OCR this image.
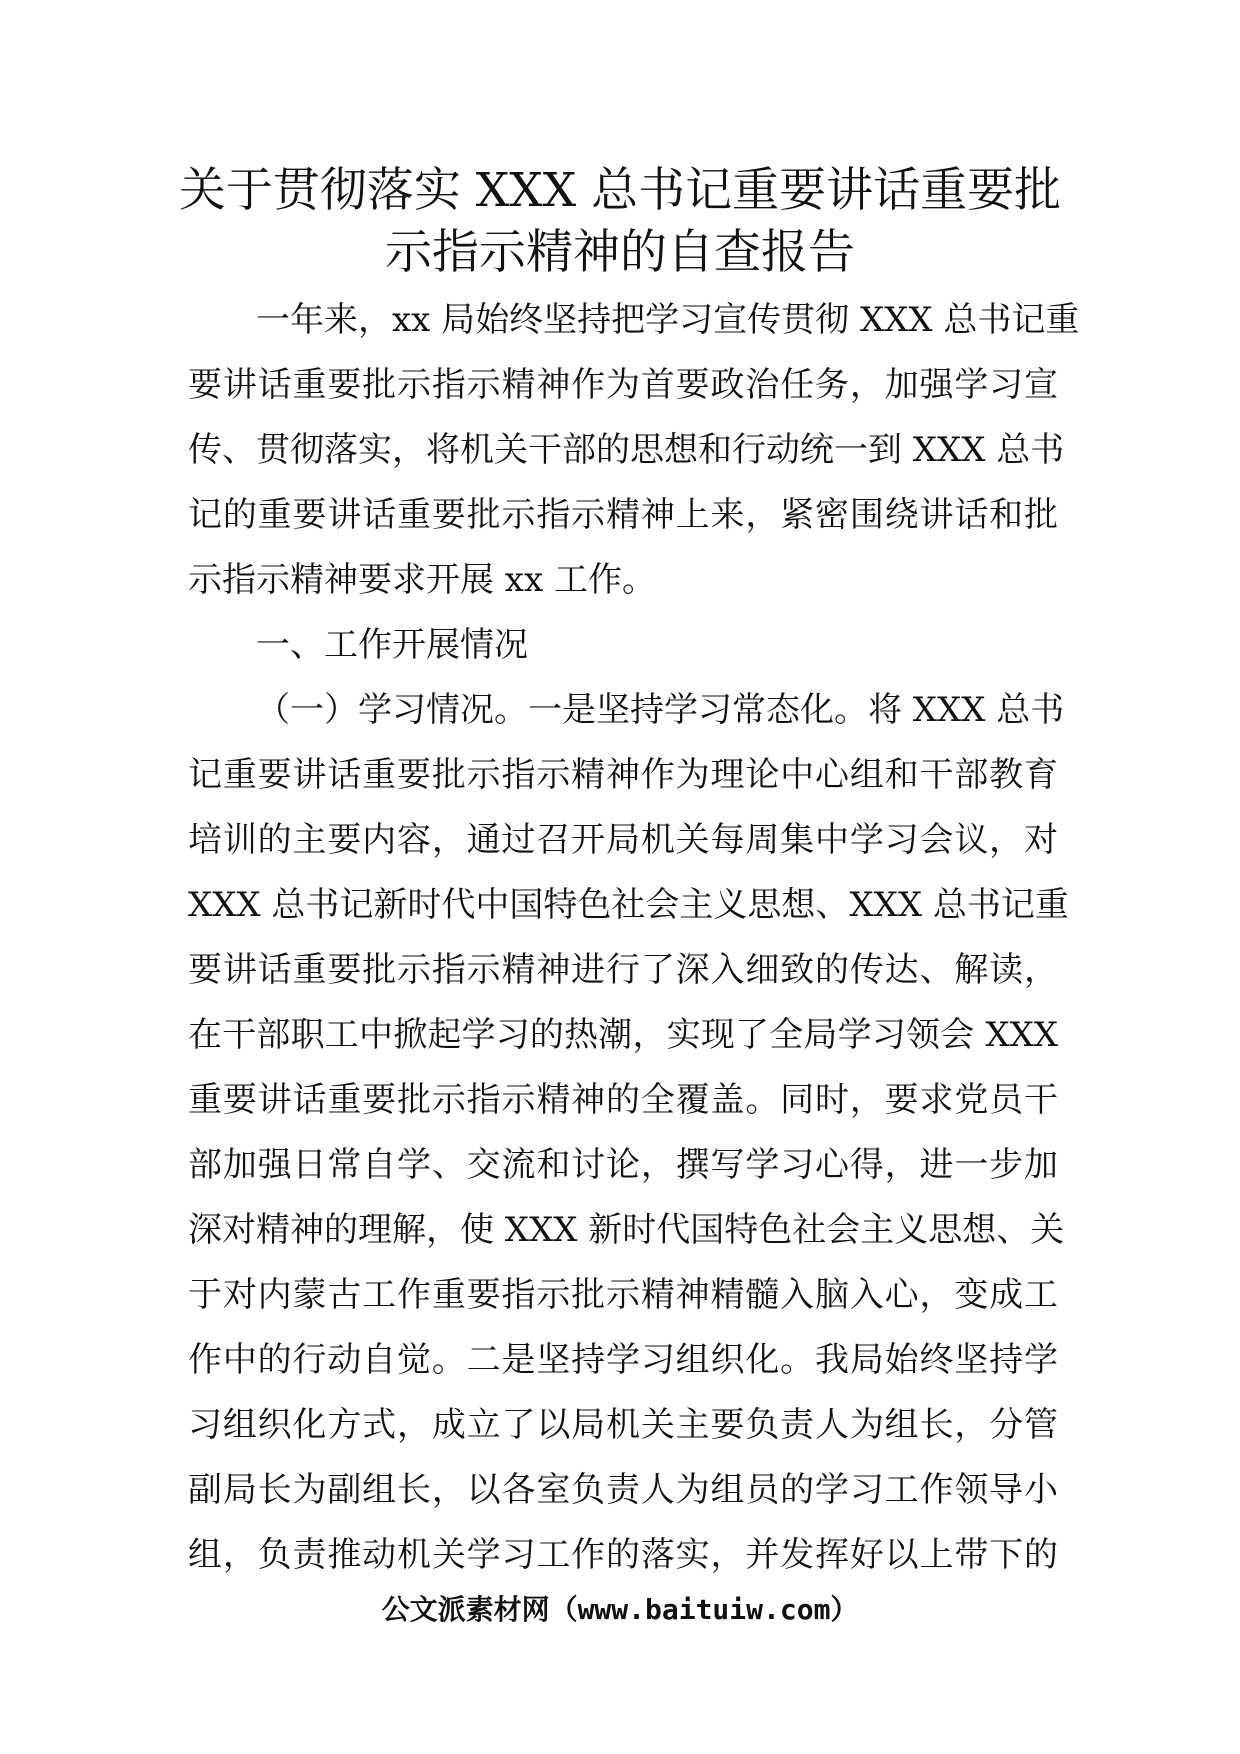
关于贯彻落实 XXX 总书记重要讲话重要批
示指示精神的自查报告
一年来，xx 局始终坚持把学习宣传贯彻 XXX 总书记重
要讲话重要批示指示精神作为首要政治任务，加强学习宣
传、贯彻落实，将机关干部的思想和行动统一到 XXX 总书
记的重要讲话重要批示指示精神上来，紧密围绕讲话和批
示指示精神要求开展 xx 工作。
一、工作开展情况
（一）学习情况。一是坚持学习常态化。将 XXX 总书
记重要讲话重要批示指示精神作为理论中心组和干部教育
培训的主要内容，通过召开局机关每周集中学习会议，对
XXX 总书记新时代中国特色社会主义思想、XXX 总书记重
要讲话重要批示指示精神进行了深入细致的传达、解读，
在干部职工中掀起学习的热潮，实现了全局学习领会 XXX
重要讲话重要批示指示精神的全覆盖。同时，要求党员干
部加强日常自学、交流和讨论，撰写学习心得，进一步加
深对精神的理解，使 XXX 新时代国特色社会主义思想、关
于对内蒙古工作重要指示批示精神精髓入脑入心，变成工
作中的行动自觉。二是坚持学习组织化。我局始终坚持学
习组织化方式，成立了以局机关主要负责人为组长，分管
副局长为副组长，以各室负责人为组员的学习工作领导小
组，负责推动机关学习工作的落实，并发挥好以上带下的
公文派素材网（www.baituiw.com）
